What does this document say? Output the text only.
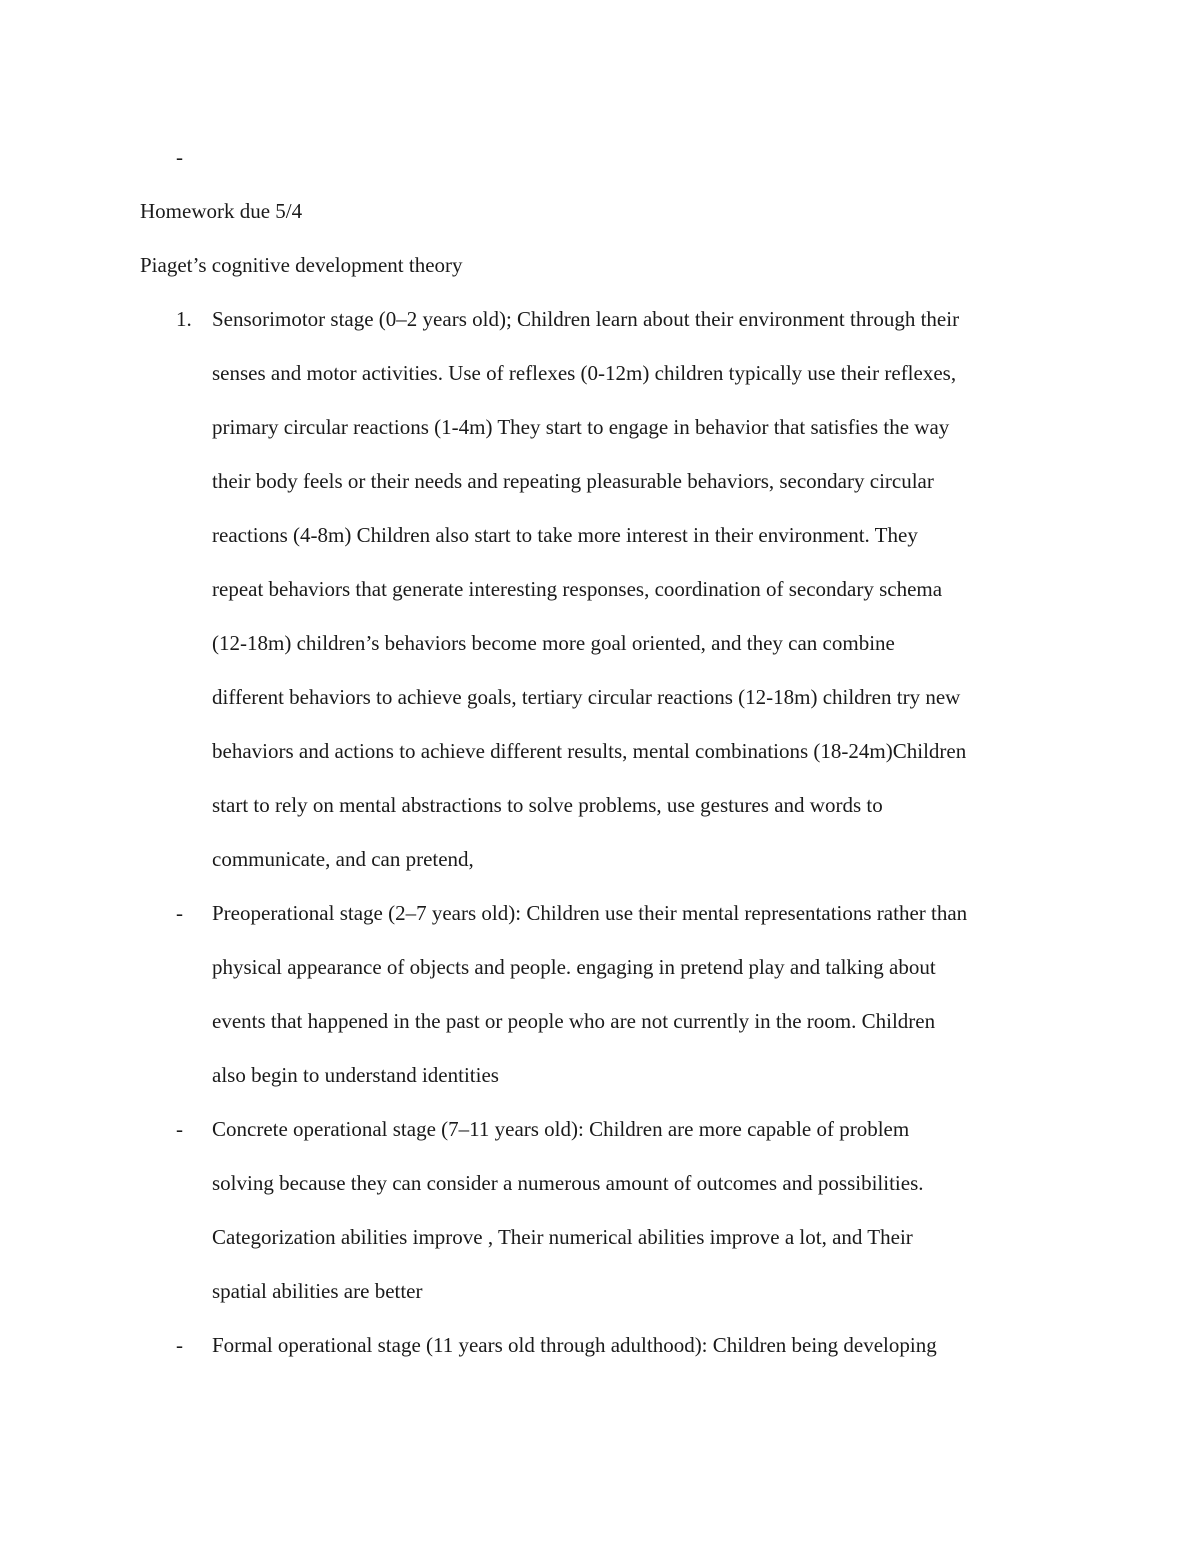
-
Homework due 5/4
Piaget’s cognitive development theory
1. Sensorimotor stage (0–2 years old); Children learn about their environment through their
senses and motor activities. Use of reflexes (0-12m) children typically use their reflexes,
primary circular reactions (1-4m) They start to engage in behavior that satisfies the way
their body feels or their needs and repeating pleasurable behaviors, secondary circular
reactions (4-8m) Children also start to take more interest in their environment. They
repeat behaviors that generate interesting responses, coordination of secondary schema
(12-18m) children’s behaviors become more goal oriented, and they can combine
different behaviors to achieve goals, tertiary circular reactions (12-18m) children try new
behaviors and actions to achieve different results, mental combinations (18-24m)Children
start to rely on mental abstractions to solve problems, use gestures and words to
communicate, and can pretend,
- Preoperational stage (2–7 years old): Children use their mental representations rather than
physical appearance of objects and people. engaging in pretend play and talking about
events that happened in the past or people who are not currently in the room. Children
also begin to understand identities
- Concrete operational stage (7–11 years old): Children are more capable of problem
solving because they can consider a numerous amount of outcomes and possibilities.
Categorization abilities improve , Their numerical abilities improve a lot, and Their
spatial abilities are better
- Formal operational stage (11 years old through adulthood): Children being developing
